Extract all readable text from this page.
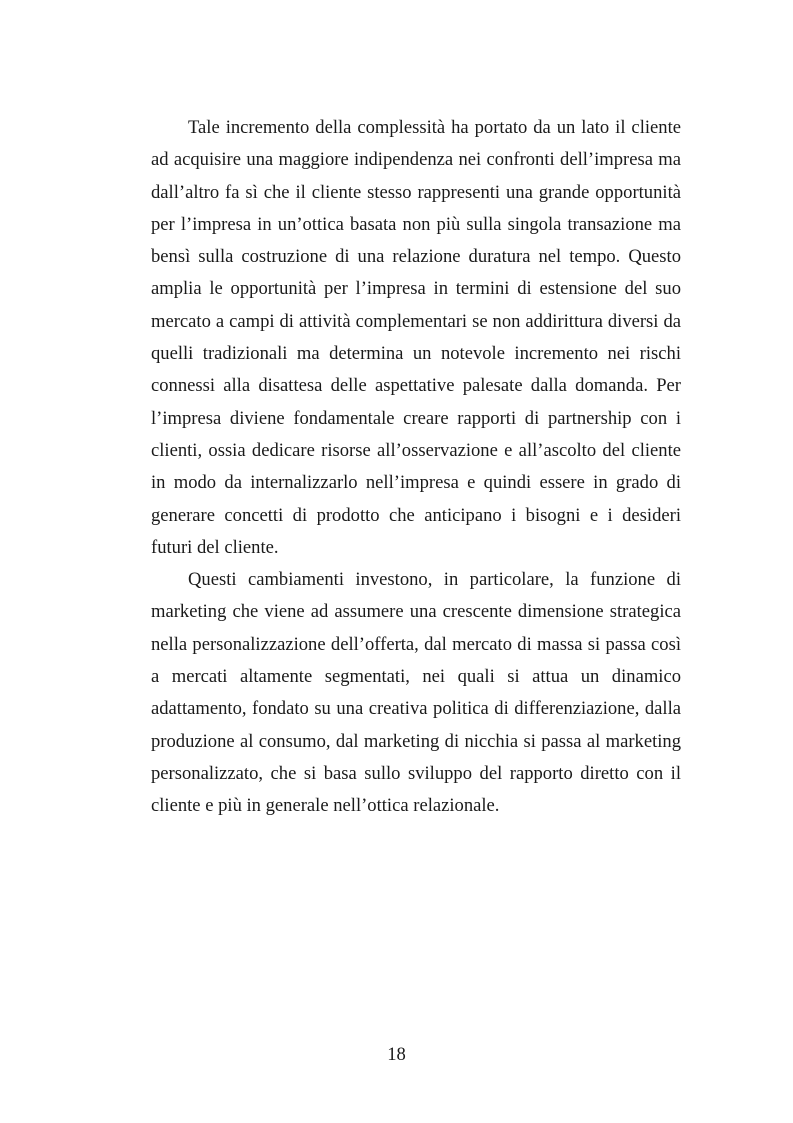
Tale incremento della complessità ha portato da un lato il cliente
ad acquisire una maggiore indipendenza nei confronti dell’impresa ma
dall’altro fa sì che il cliente stesso rappresenti una grande opportunità
per l’impresa in un’ottica basata non più sulla singola transazione ma
bensì sulla costruzione di una relazione duratura nel tempo. Questo
amplia le opportunità per l’impresa in termini di estensione del suo
mercato a campi di attività complementari se non addirittura diversi da
quelli tradizionali ma determina un notevole incremento nei rischi
connessi alla disattesa delle aspettative palesate dalla domanda. Per
l’impresa diviene fondamentale creare rapporti di partnership con i
clienti, ossia dedicare risorse all’osservazione e all’ascolto del cliente
in modo da internalizzarlo nell’impresa e quindi essere in grado di
generare concetti di prodotto che anticipano i bisogni e i desideri
futuri del cliente.
Questi cambiamenti investono, in particolare, la funzione di
marketing che viene ad assumere una crescente dimensione strategica
nella personalizzazione dell’offerta, dal mercato di massa si passa così
a mercati altamente segmentati, nei quali si attua un dinamico
adattamento, fondato su una creativa politica di differenziazione, dalla
produzione al consumo, dal marketing di nicchia si passa al marketing
personalizzato, che si basa sullo sviluppo del rapporto diretto con il
cliente e più in generale nell’ottica relazionale.
18
